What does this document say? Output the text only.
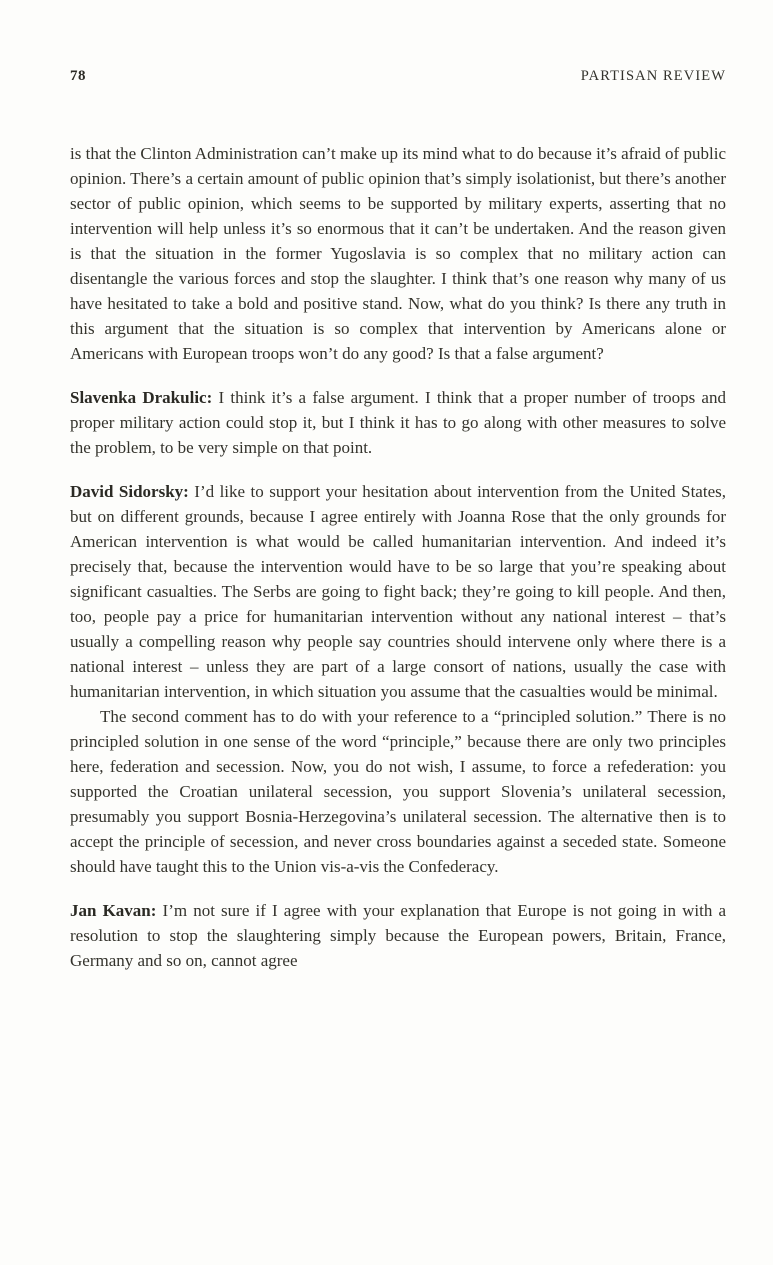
78	PARTISAN REVIEW

is that the Clinton Administration can’t make up its mind what to do because it’s afraid of public opinion. There’s a certain amount of public opinion that’s simply isolationist, but there’s another sector of public opinion, which seems to be supported by military experts, asserting that no intervention will help unless it’s so enormous that it can’t be undertaken. And the reason given is that the situation in the former Yugoslavia is so complex that no military action can disentangle the various forces and stop the slaughter. I think that’s one reason why many of us have hesitated to take a bold and positive stand. Now, what do you think? Is there any truth in this argument that the situation is so complex that intervention by Americans alone or Americans with European troops won’t do any good? Is that a false argument?

Slavenka Drakulic: I think it’s a false argument. I think that a proper number of troops and proper military action could stop it, but I think it has to go along with other measures to solve the problem, to be very simple on that point.

David Sidorsky: I’d like to support your hesitation about intervention from the United States, but on different grounds, because I agree entirely with Joanna Rose that the only grounds for American intervention is what would be called humanitarian intervention. And indeed it’s precisely that, because the intervention would have to be so large that you’re speaking about significant casualties. The Serbs are going to fight back; they’re going to kill people. And then, too, people pay a price for humanitarian intervention without any national interest – that’s usually a compelling reason why people say countries should intervene only where there is a national interest – unless they are part of a large consort of nations, usually the case with humanitarian intervention, in which situation you assume that the casualties would be minimal.

The second comment has to do with your reference to a “principled solution.” There is no principled solution in one sense of the word “principle,” because there are only two principles here, federation and secession. Now, you do not wish, I assume, to force a refederation: you supported the Croatian unilateral secession, you support Slovenia’s unilateral secession, presumably you support Bosnia-Herzegovina’s unilateral secession. The alternative then is to accept the principle of secession, and never cross boundaries against a seceded state. Someone should have taught this to the Union vis-a-vis the Confederacy.

Jan Kavan: I’m not sure if I agree with your explanation that Europe is not going in with a resolution to stop the slaughtering simply because the European powers, Britain, France, Germany and so on, cannot agree
